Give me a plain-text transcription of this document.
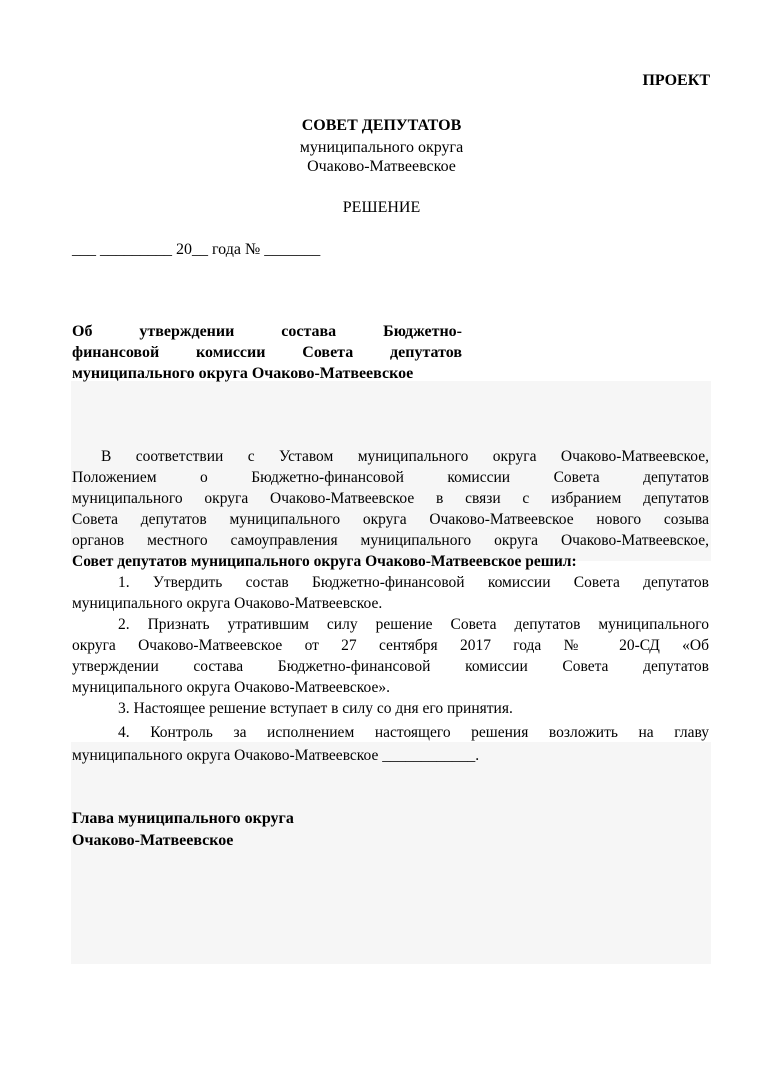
ПРОЕКТ
СОВЕТ ДЕПУТАТОВ
муниципального округа
Очаково-Матвеевское
РЕШЕНИЕ
___ _________ 20__ года № _______
Об утверждении состава Бюджетно-
финансовой комиссии Совета депутатов
муниципального округа Очаково-Матвеевское
В соответствии с Уставом муниципального округа Очаково-Матвеевское,
Положением о Бюджетно-финансовой комиссии Совета депутатов
муниципального округа Очаково-Матвеевское в связи с избранием депутатов
Совета депутатов муниципального округа Очаково-Матвеевское нового созыва
органов местного самоуправления муниципального округа Очаково-Матвеевское,
Совет депутатов муниципального округа Очаково-Матвеевское решил:
1. Утвердить состав Бюджетно-финансовой комиссии Совета депутатов
муниципального округа Очаково-Матвеевское.
2. Признать утратившим силу решение Совета депутатов муниципального
округа Очаково-Матвеевское от 27 сентября 2017 года № 20-СД «Об
утверждении состава Бюджетно-финансовой комиссии Совета депутатов
муниципального округа Очаково-Матвеевское».
3. Настоящее решение вступает в силу со дня его принятия.
4. Контроль за исполнением настоящего решения возложить на главу
муниципального округа Очаково-Матвеевское ____________.
Глава муниципального округа
Очаково-Матвеевское
